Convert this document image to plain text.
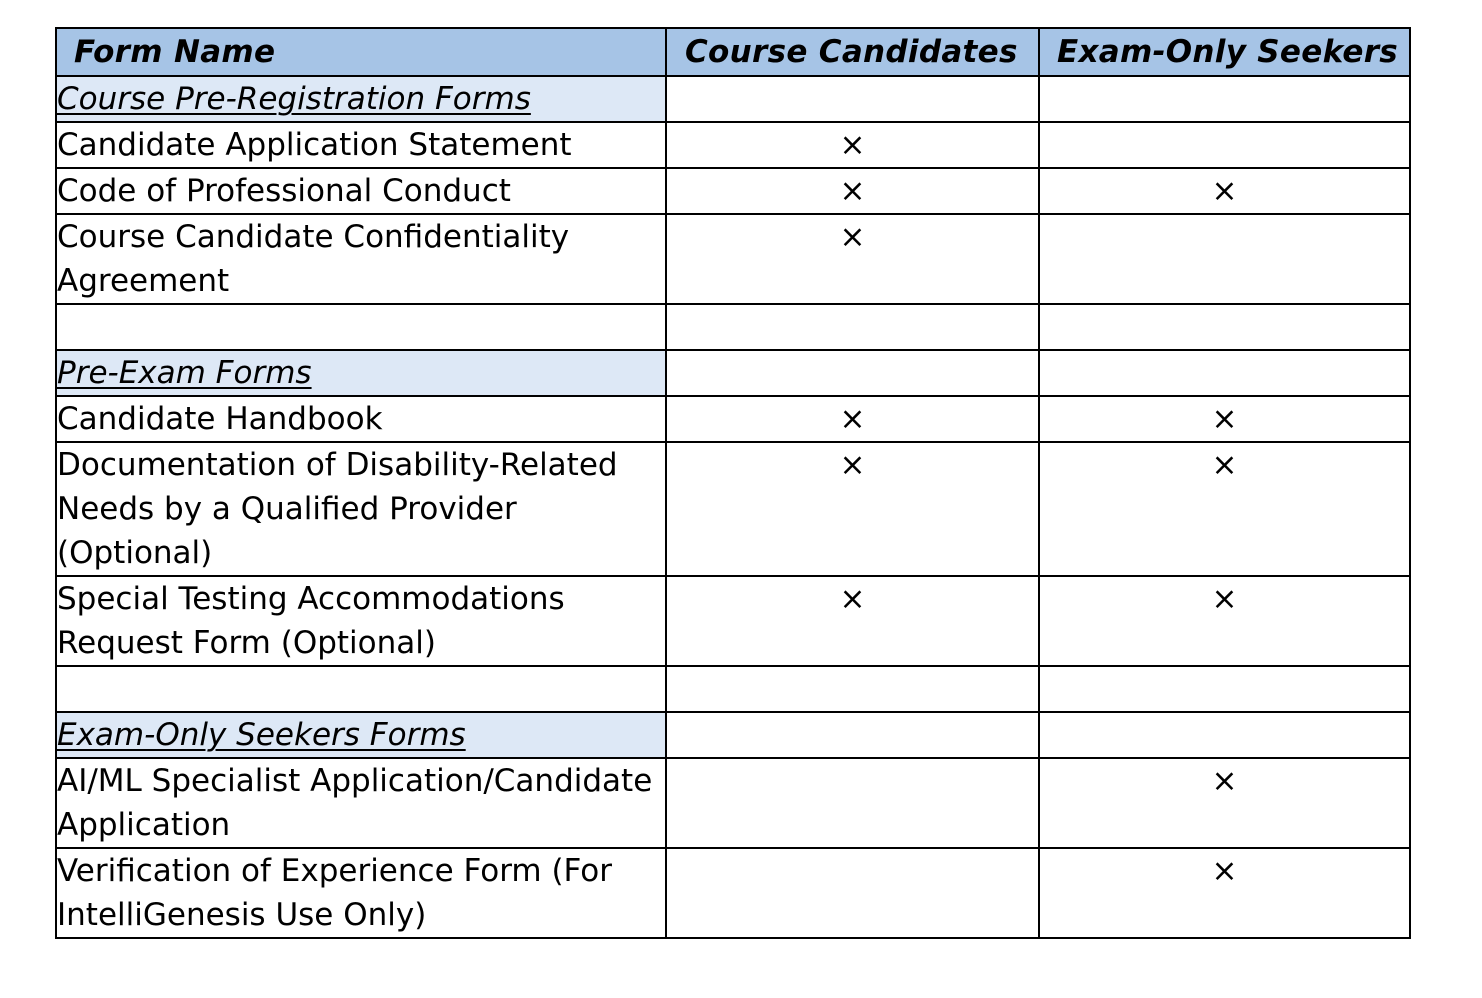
Form Name	Course Candidates	Exam-Only Seekers
Course Pre-Registration Forms		
Candidate Application Statement	×	
Code of Professional Conduct	×	×
Course Candidate Confidentiality Agreement	×	

Pre-Exam Forms		
Candidate Handbook	×	×
Documentation of Disability-Related Needs by a Qualified Provider (Optional)	×	×
Special Testing Accommodations Request Form (Optional)	×	×

Exam-Only Seekers Forms		
AI/ML Specialist Application/Candidate Application		×
Verification of Experience Form (For IntelliGenesis Use Only)		×
